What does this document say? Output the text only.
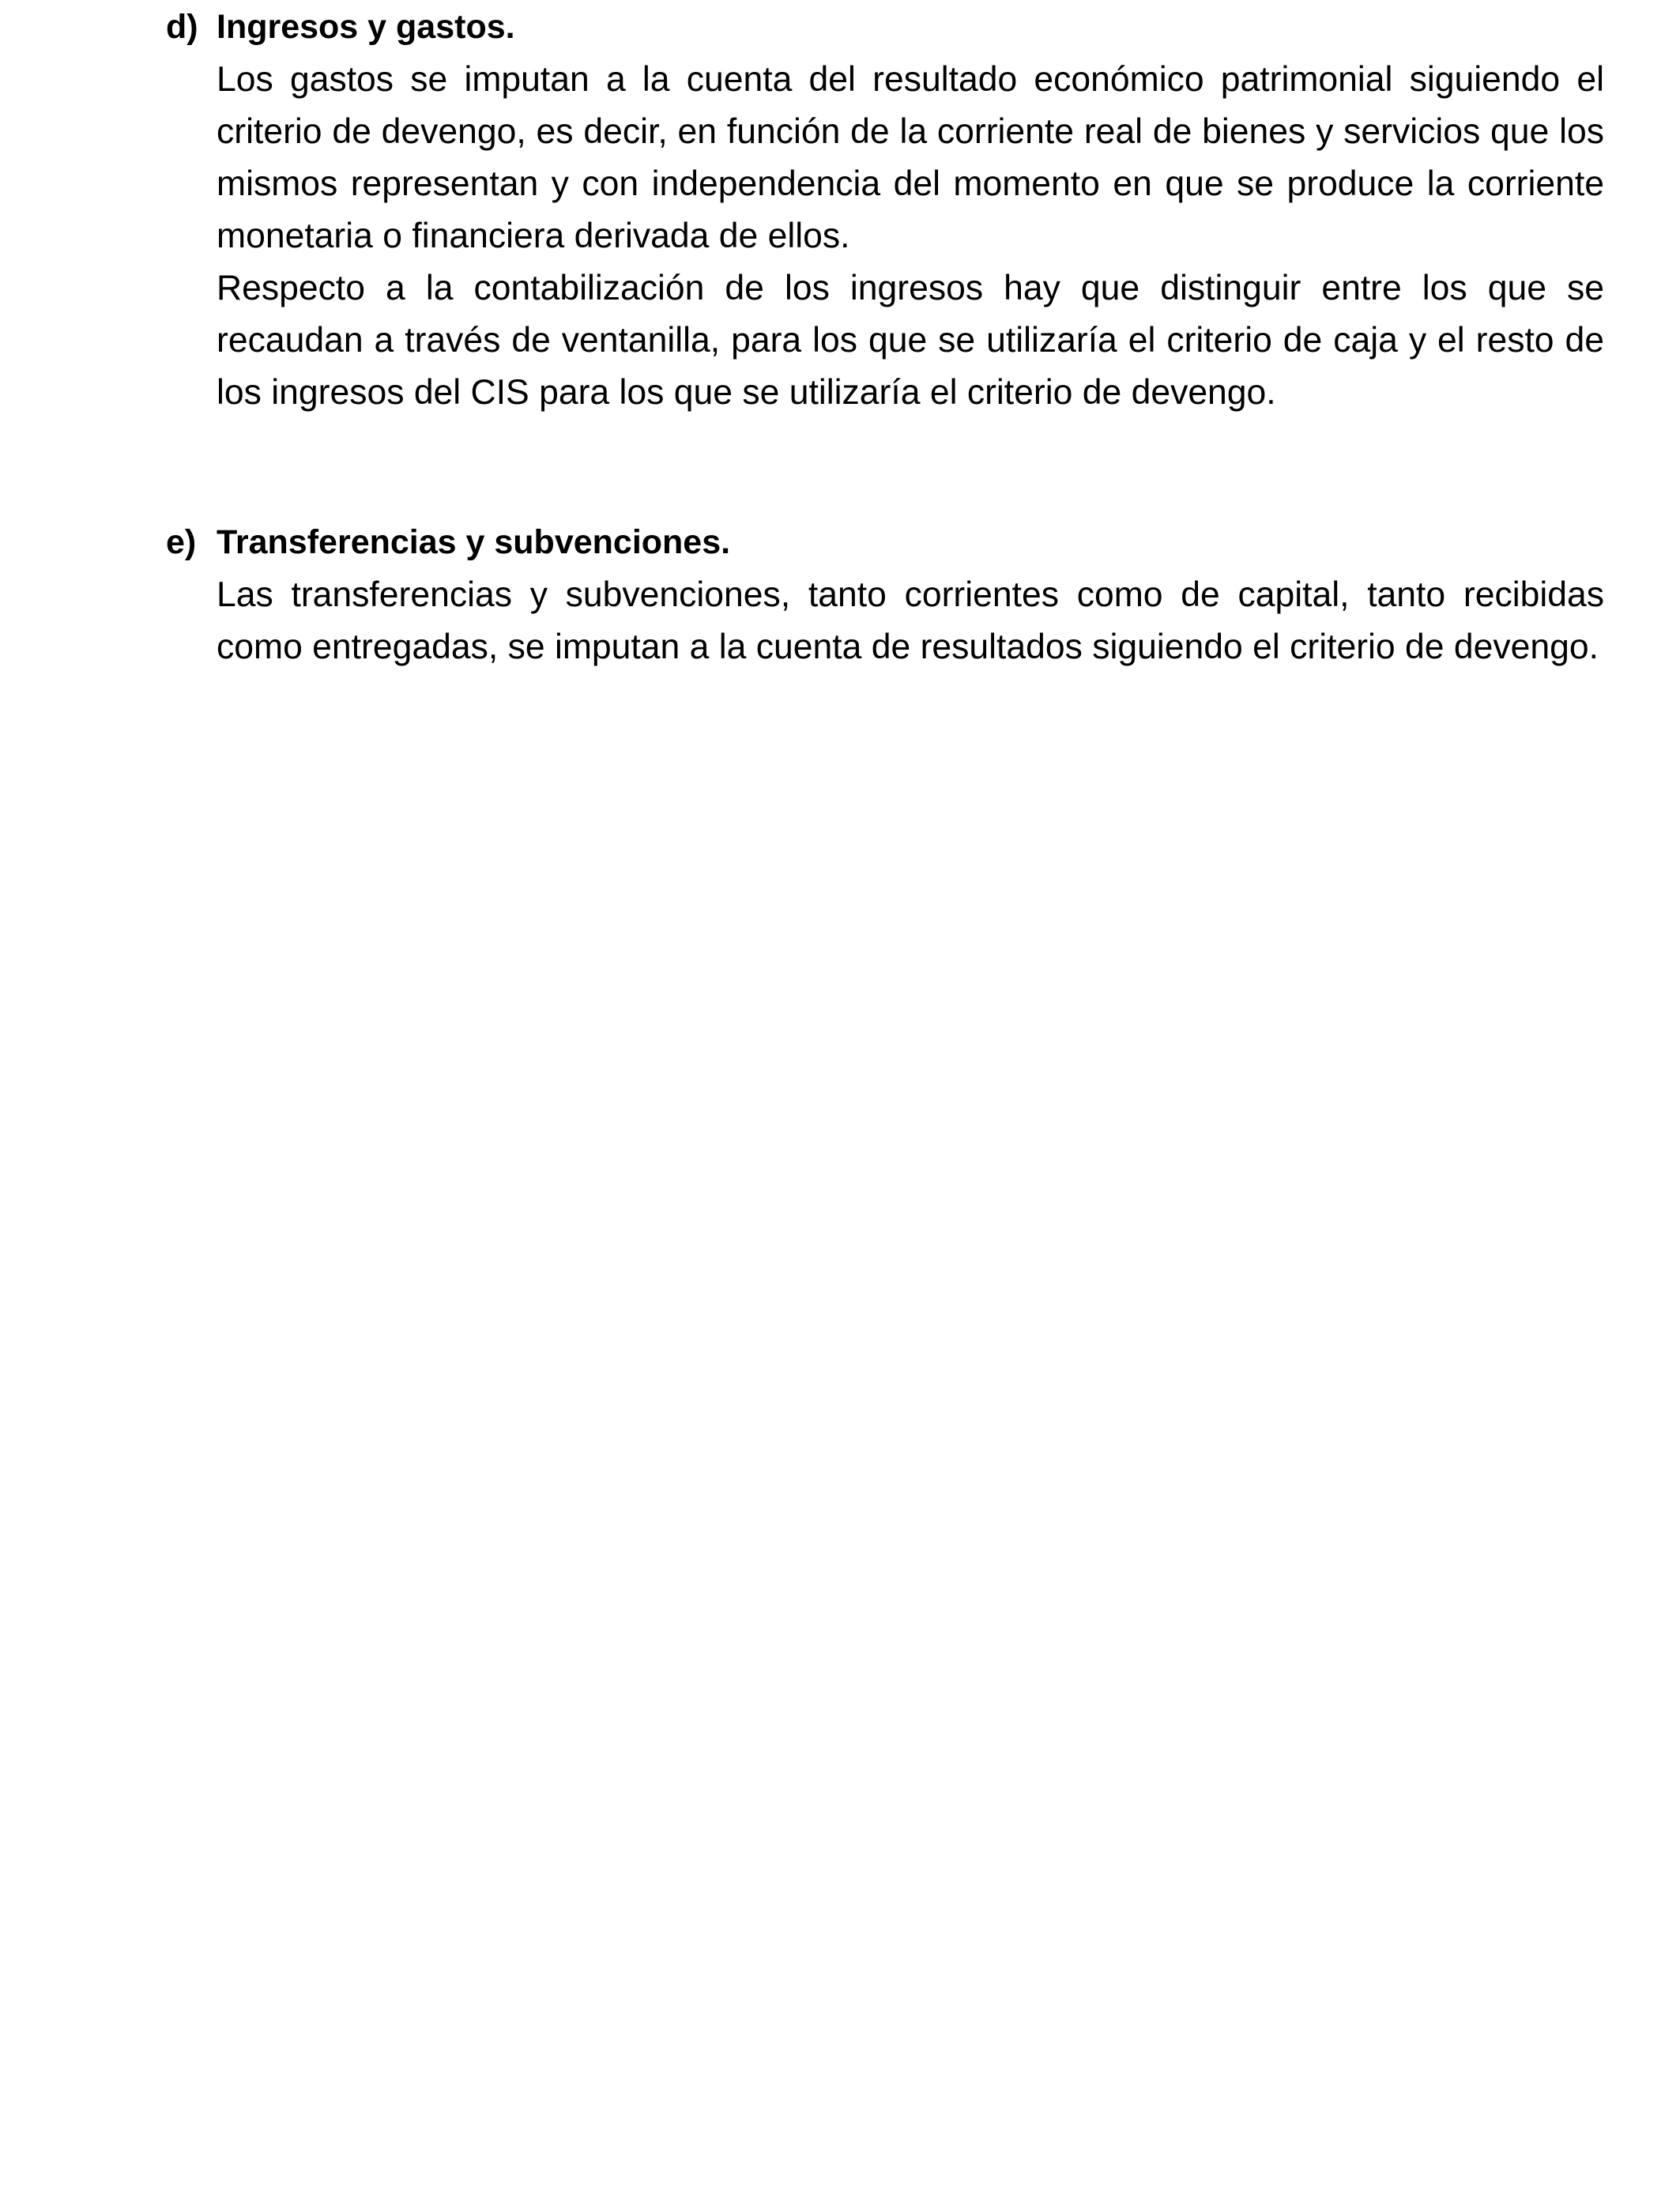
d) Ingresos y gastos.

Los gastos se imputan a la cuenta del resultado económico patrimonial siguiendo el criterio de devengo, es decir, en función de la corriente real de bienes y servicios que los mismos representan y con independencia del momento en que se produce la corriente monetaria o financiera derivada de ellos.

Respecto a la contabilización de los ingresos hay que distinguir entre los que se recaudan a través de ventanilla, para los que se utilizaría el criterio de caja y el resto de los ingresos del CIS para los que se utilizaría el criterio de devengo.

e) Transferencias y subvenciones.

Las transferencias y subvenciones, tanto corrientes como de capital, tanto recibidas como entregadas, se imputan a la cuenta de resultados siguiendo el criterio de devengo.
